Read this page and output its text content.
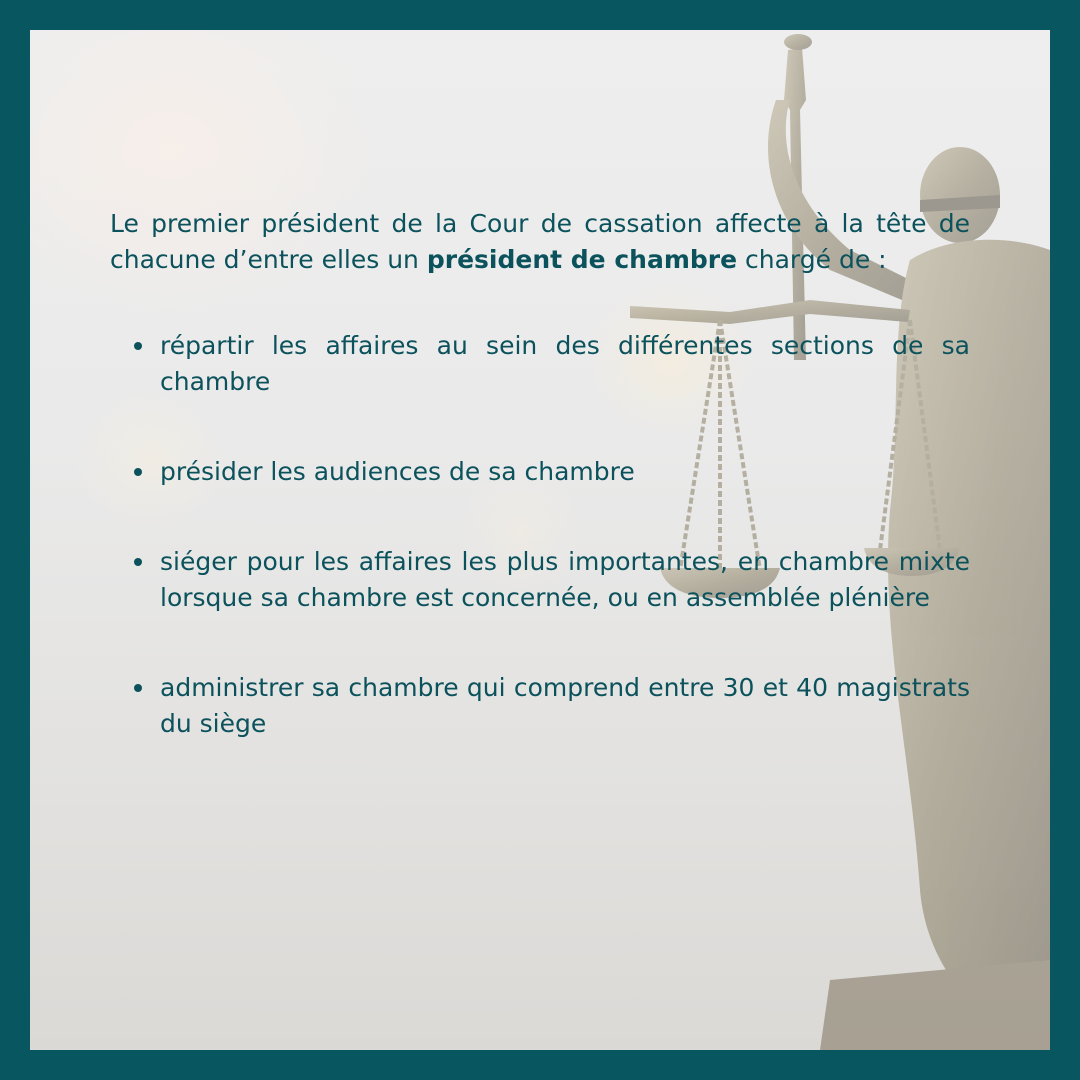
Le premier président de la Cour de cassation affecte à la tête de chacune d’entre elles un président de chambre chargé de :

répartir les affaires au sein des différentes sections de sa chambre
présider les audiences de sa chambre
siéger pour les affaires les plus importantes, en chambre mixte lorsque sa chambre est concernée, ou en assemblée plénière
administrer sa chambre qui comprend entre 30 et 40 magistrats du siège
